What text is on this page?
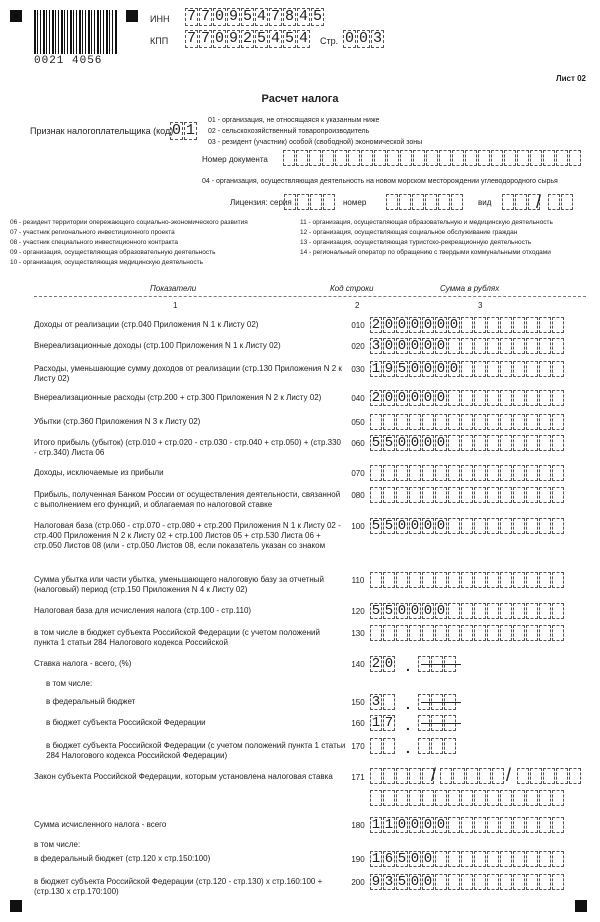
0021 4056
ИНН 7 7 0 9 5 4 7 8 4 5
КПП 7 7 0 9 2 5 4 5 4 Стр. 0 0 3
Лист 02
Расчет налога
Признак налогоплательщика (код)
0 1
01 - организация, не относящаяся к указанным ниже
02 - сельскохозяйственный товаропроизводитель
03 - резидент (участник) особой (свободной) экономической зоны
Номер документа
04 - организация, осуществляющая деятельность на новом морском месторождении углеводородного сырья
Лицензия: серия	номер	вид /
06 - резидент территории опережающего социально-экономического развития
07 - участник регионального инвестиционного проекта
08 - участник специального инвестиционного контракта
09 - организация, осуществляющая образовательную деятельность
10 - организация, осуществляющая медицинскую деятельность
11 - организация, осуществляющая образовательную и медицинскую деятельность
12 - организация, осуществляющая социальное обслуживание граждан
13 - организация, осуществляющая туристско-рекреационную деятельность
14 - региональный оператор по обращению с твердыми коммунальными отходами
Показатели	Код строки	Сумма в рублях
1	2	3
Доходы от реализации (стр.040 Приложения N 1 к Листу 02)	010 2 0 0 0 0 0 0
Внереализационные доходы (стр.100 Приложения N 1 к Листу 02)	020 3 0 0 0 0 0
Расходы, уменьшающие сумму доходов от реализации (стр.130 Приложения N 2 к Листу 02)
030 1 9 5 0 0 0 0
Внереализационные расходы (стр.200 + стр.300 Приложения N 2 к Листу 02)	040 2 0 0 0 0 0
Убытки (стр.360 Приложения N 3 к Листу 02)	050
Итого прибыль (убыток) (стр.010 + стр.020 - стр.030 - стр.040 + стр.050) + (стр.330 - стр.340) Листа 06
060 5 5 0 0 0 0
Доходы, исключаемые из прибыли	070
Прибыль, полученная Банком России от осуществления деятельности, связанной с выполнением его функций, и облагаемая по налоговой ставке
080
Налоговая база (стр.060 - стр.070 - стр.080 + стр.200 Приложения N 1 к Листу 02 - стр.400 Приложения N 2 к Листу 02 + стр.100 Листов 05 + стр.530 Листа 06 + стр.050 Листов 08 (или - стр.050 Листов 08, если показатель указан со знаком
100 5 5 0 0 0 0
Сумма убытка или части убытка, уменьшающего налоговую базу за отчетный (налоговый) период (стр.150 Приложения N 4 к Листу 02)
110
Налоговая база для исчисления налога (стр.100 - стр.110)	120 5 5 0 0 0 0
в том числе в бюджет субъекта Российской Федерации (с учетом положений пункта 1 статьи 284 Налогового кодекса Российской
130
Ставка налога - всего, (%)	140 2 0 .
в том числе:
в федеральный бюджет	150 3 .
в бюджет субъекта Российской Федерации	160 1 7 .
в бюджет субъекта Российской Федерации (с учетом положений пункта 1 статьи 284 Налогового кодекса Российской Федерации)
170	.
Закон субъекта Российской Федерации, которым установлена налоговая ставка	171	/	/
Сумма исчисленного налога - всего	180 1 1 0 0 0 0
в том числе:
в федеральный бюджет (стр.120 х стр.150:100)	190 1 6 5 0 0
в бюджет субъекта Российской Федерации (стр.120 - стр.130) х стр.160:100 + (стр.130 х стр.170:100)
200 9 3 5 0 0
